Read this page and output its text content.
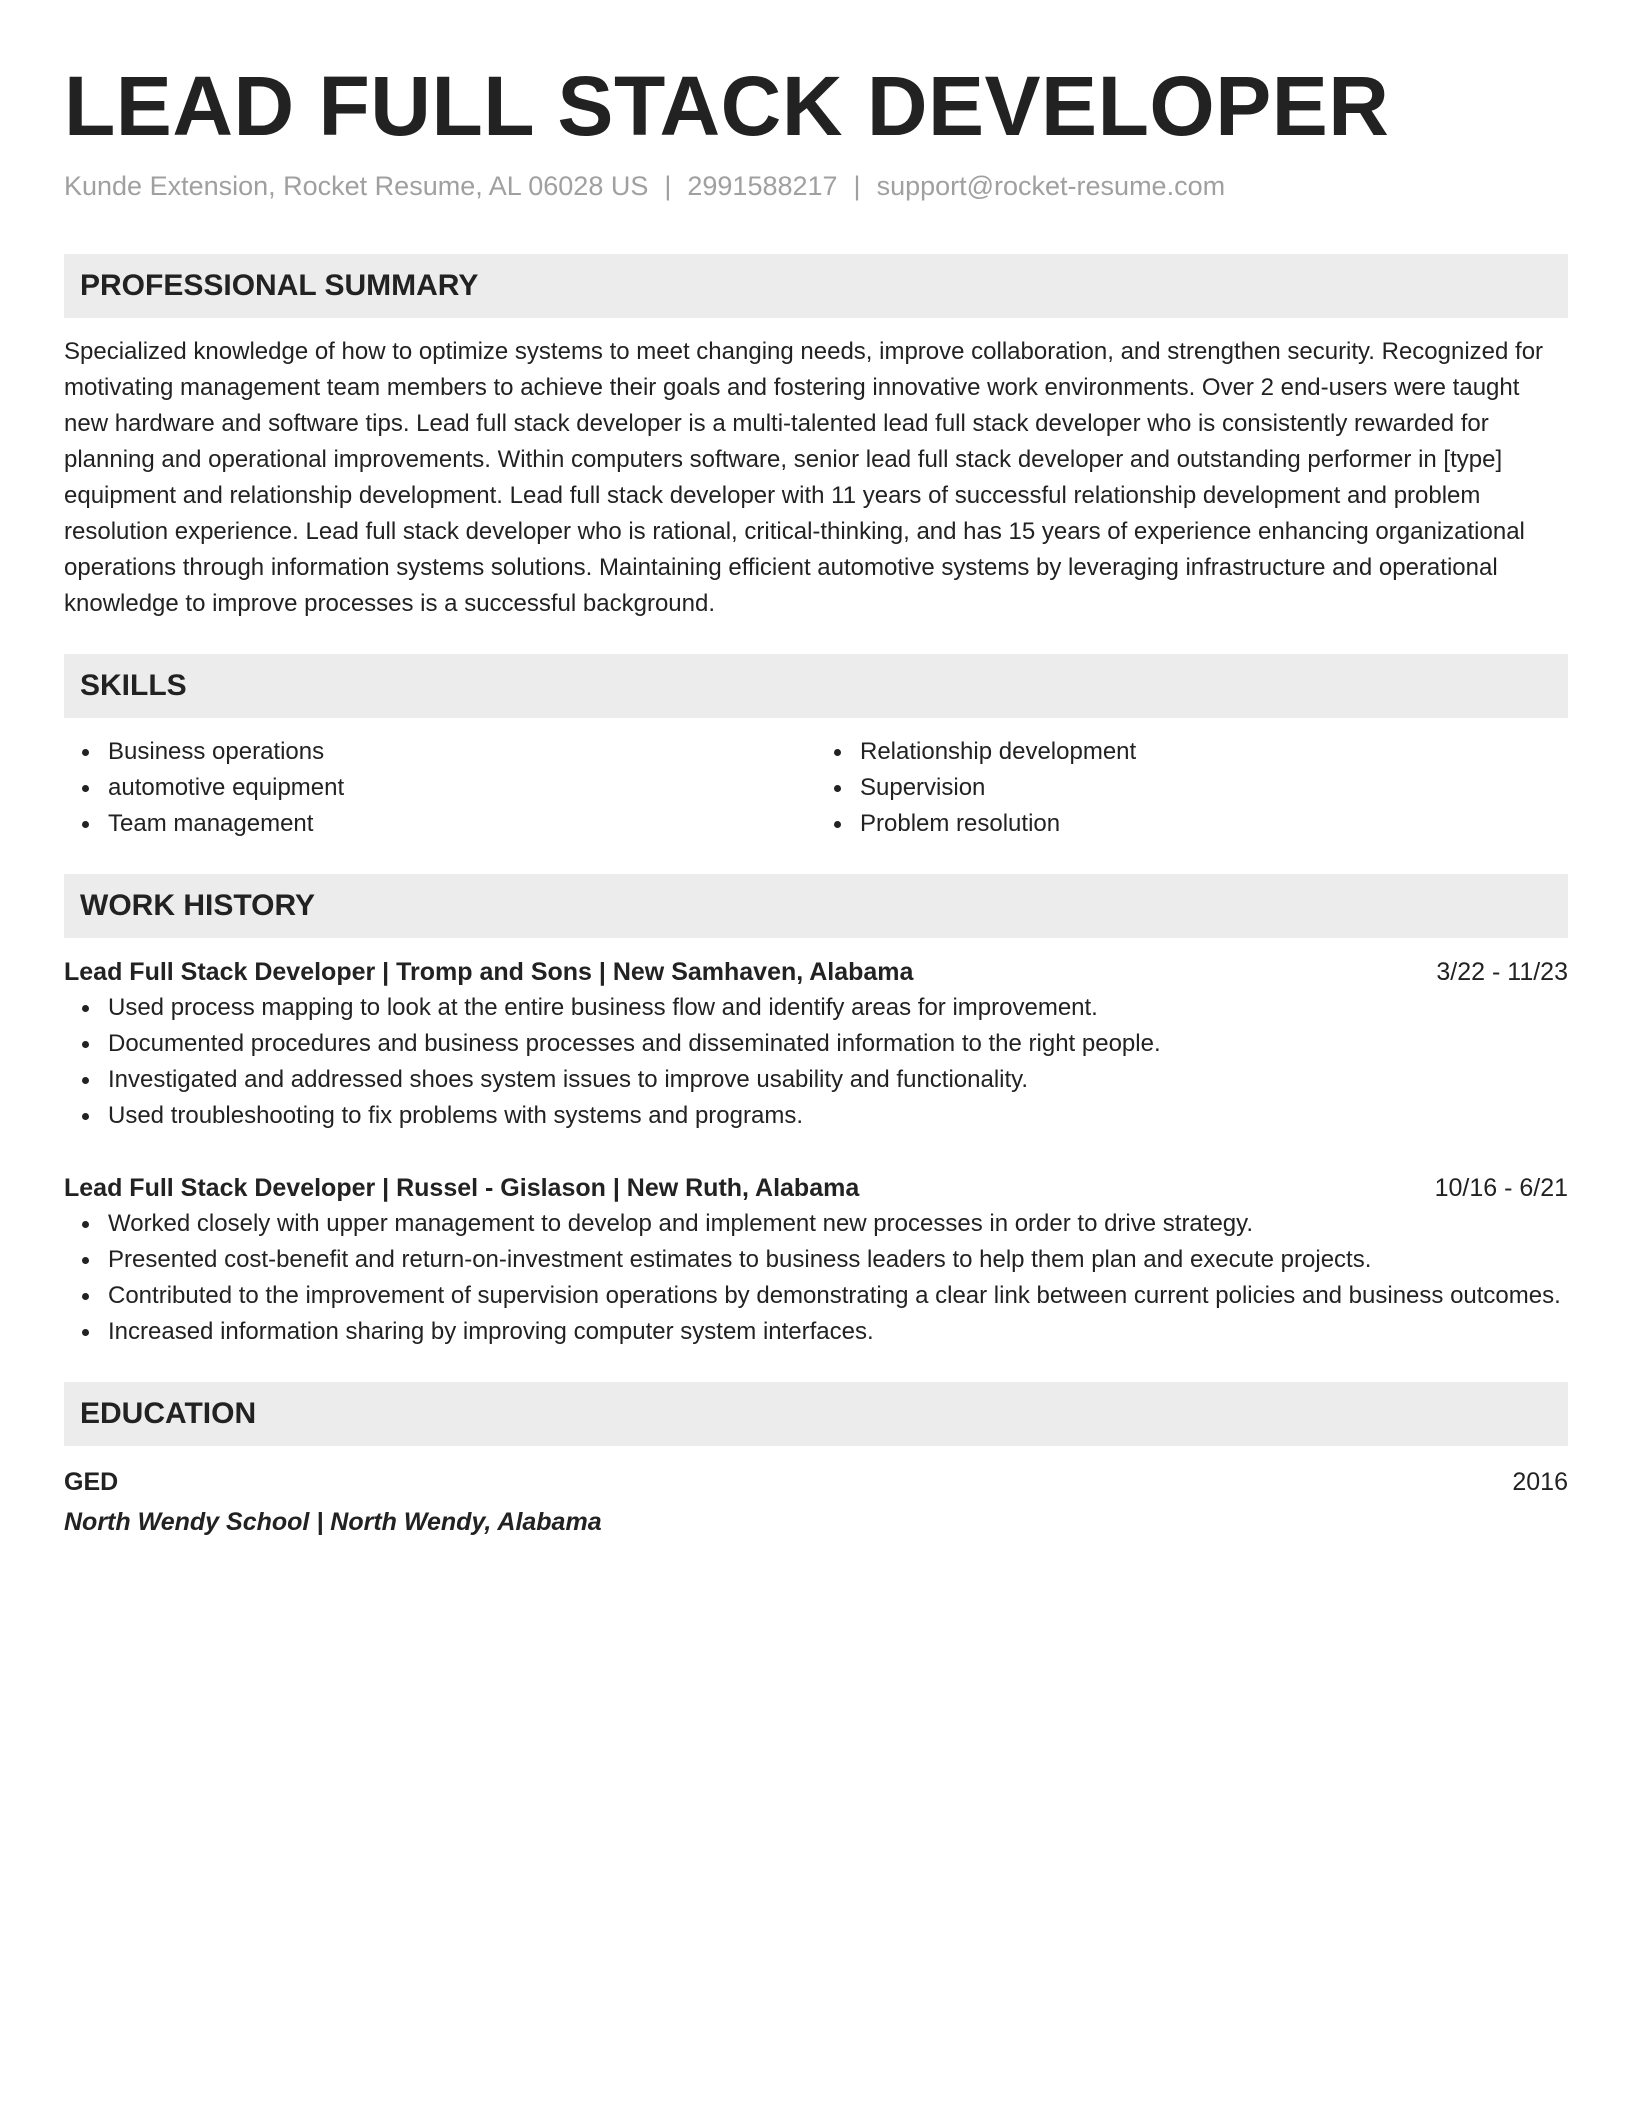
LEAD FULL STACK DEVELOPER
Kunde Extension, Rocket Resume, AL 06028 US | 2991588217 | support@rocket-resume.com
PROFESSIONAL SUMMARY

Specialized knowledge of how to optimize systems to meet changing needs, improve collaboration, and strengthen security. Recognized for motivating management team members to achieve their goals and fostering innovative work environments. Over 2 end-users were taught new hardware and software tips. Lead full stack developer is a multi-talented lead full stack developer who is consistently rewarded for planning and operational improvements. Within computers software, senior lead full stack developer and outstanding performer in [type] equipment and relationship development. Lead full stack developer with 11 years of successful relationship development and problem resolution experience. Lead full stack developer who is rational, critical-thinking, and has 15 years of experience enhancing organizational operations through information systems solutions. Maintaining efficient automotive systems by leveraging infrastructure and operational knowledge to improve processes is a successful background.

SKILLS
Business operations
automotive equipment
Team management
Relationship development
Supervision
Problem resolution
WORK HISTORY
Lead Full Stack Developer | Tromp and Sons | New Samhaven, Alabama	3/22 - 11/23
Used process mapping to look at the entire business flow and identify areas for improvement.
Documented procedures and business processes and disseminated information to the right people.
Investigated and addressed shoes system issues to improve usability and functionality.
Used troubleshooting to fix problems with systems and programs.
Lead Full Stack Developer | Russel - Gislason | New Ruth, Alabama	10/16 - 6/21
Worked closely with upper management to develop and implement new processes in order to drive strategy.
Presented cost-benefit and return-on-investment estimates to business leaders to help them plan and execute projects.
Contributed to the improvement of supervision operations by demonstrating a clear link between current policies and business outcomes.
Increased information sharing by improving computer system interfaces.
EDUCATION
GED	2016
North Wendy School | North Wendy, Alabama
